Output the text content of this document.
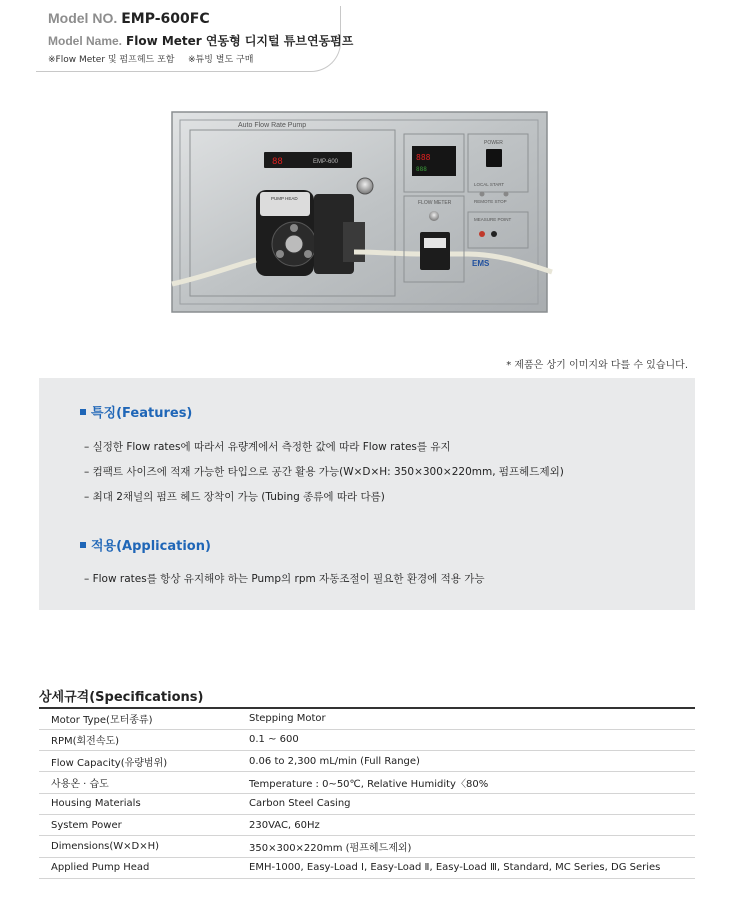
Model NO. EMP-600FC
Model Name. Flow Meter 연동형 디지털 튜브연동펌프
※Flow Meter 및 펌프헤드 포함 ※튜빙 별도 구매
Auto Flow Rate Pump
88	EMP-600
PUMP HEAD
888
888
POWER
LOCAL START
REMOTE STOP
FLOW METER
MEASURE POINT
EMS
* 제품은 상기 이미지와 다를 수 있습니다.
특징(Features)
– 실정한 Flow rates에 따라서 유량계에서 측정한 값에 따라 Flow rates를 유지
– 컴팩트 사이즈에 적재 가능한 타입으로 공간 활용 가능(W×D×H: 350×300×220mm, 펌프헤드제외)
– 최대 2채널의 펌프 헤드 장착이 가능 (Tubing 종류에 따라 다름)
적용(Application)
– Flow rates를 항상 유지해야 하는 Pump의 rpm 자동조절이 필요한 환경에 적용 가능
상세규격(Specifications)
Motor Type(모터종류)	Stepping Motor
RPM(회전속도)	0.1 ~ 600
Flow Capacity(유량범위)	0.06 to 2,300 mL/min (Full Range)
사용온 · 습도	Temperature : 0~50℃, Relative Humidity〈80%
Housing Materials	Carbon Steel Casing
System Power	230VAC, 60Hz
Dimensions(W×D×H)	350×300×220mm (펌프헤드제외)
Applied Pump Head	EMH-1000, Easy-Load Ⅰ, Easy-Load Ⅱ, Easy-Load Ⅲ, Standard, MC Series, DG Series
